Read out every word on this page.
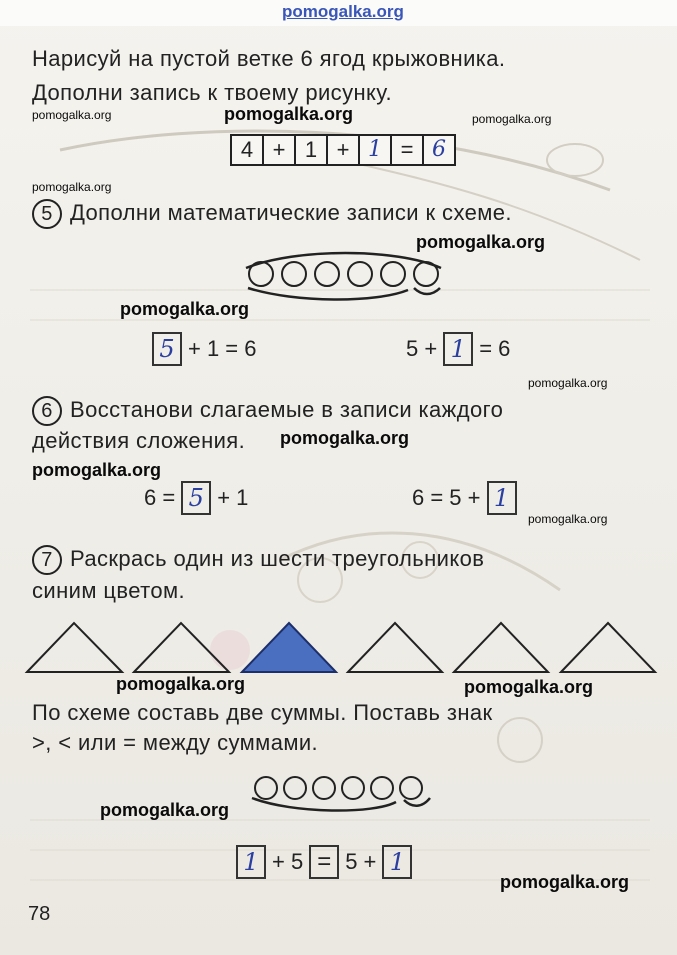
pomogalka.org
Нарисуй на пустой ветке 6 ягод крыжовника.
Дополни запись к твоему рисунку.
pomogalka.org	pomogalka.org	pomogalka.org
4 + 1 + 1 = 6
pomogalka.org
5 Дополни математические записи к схеме.
pomogalka.org
pomogalka.org
5 + 1 = 6	5 + 1 = 6
pomogalka.org
6 Восстанови слагаемые в записи каждого
действия сложения. pomogalka.org
pomogalka.org
6 = 5 + 1	6 = 5 + 1
pomogalka.org
7 Раскрась один из шести треугольников
синим цветом.
pomogalka.org	pomogalka.org
По схеме составь две суммы. Поставь знак
>, < или = между суммами.
pomogalka.org
1 + 5 = 5 + 1
pomogalka.org
78
